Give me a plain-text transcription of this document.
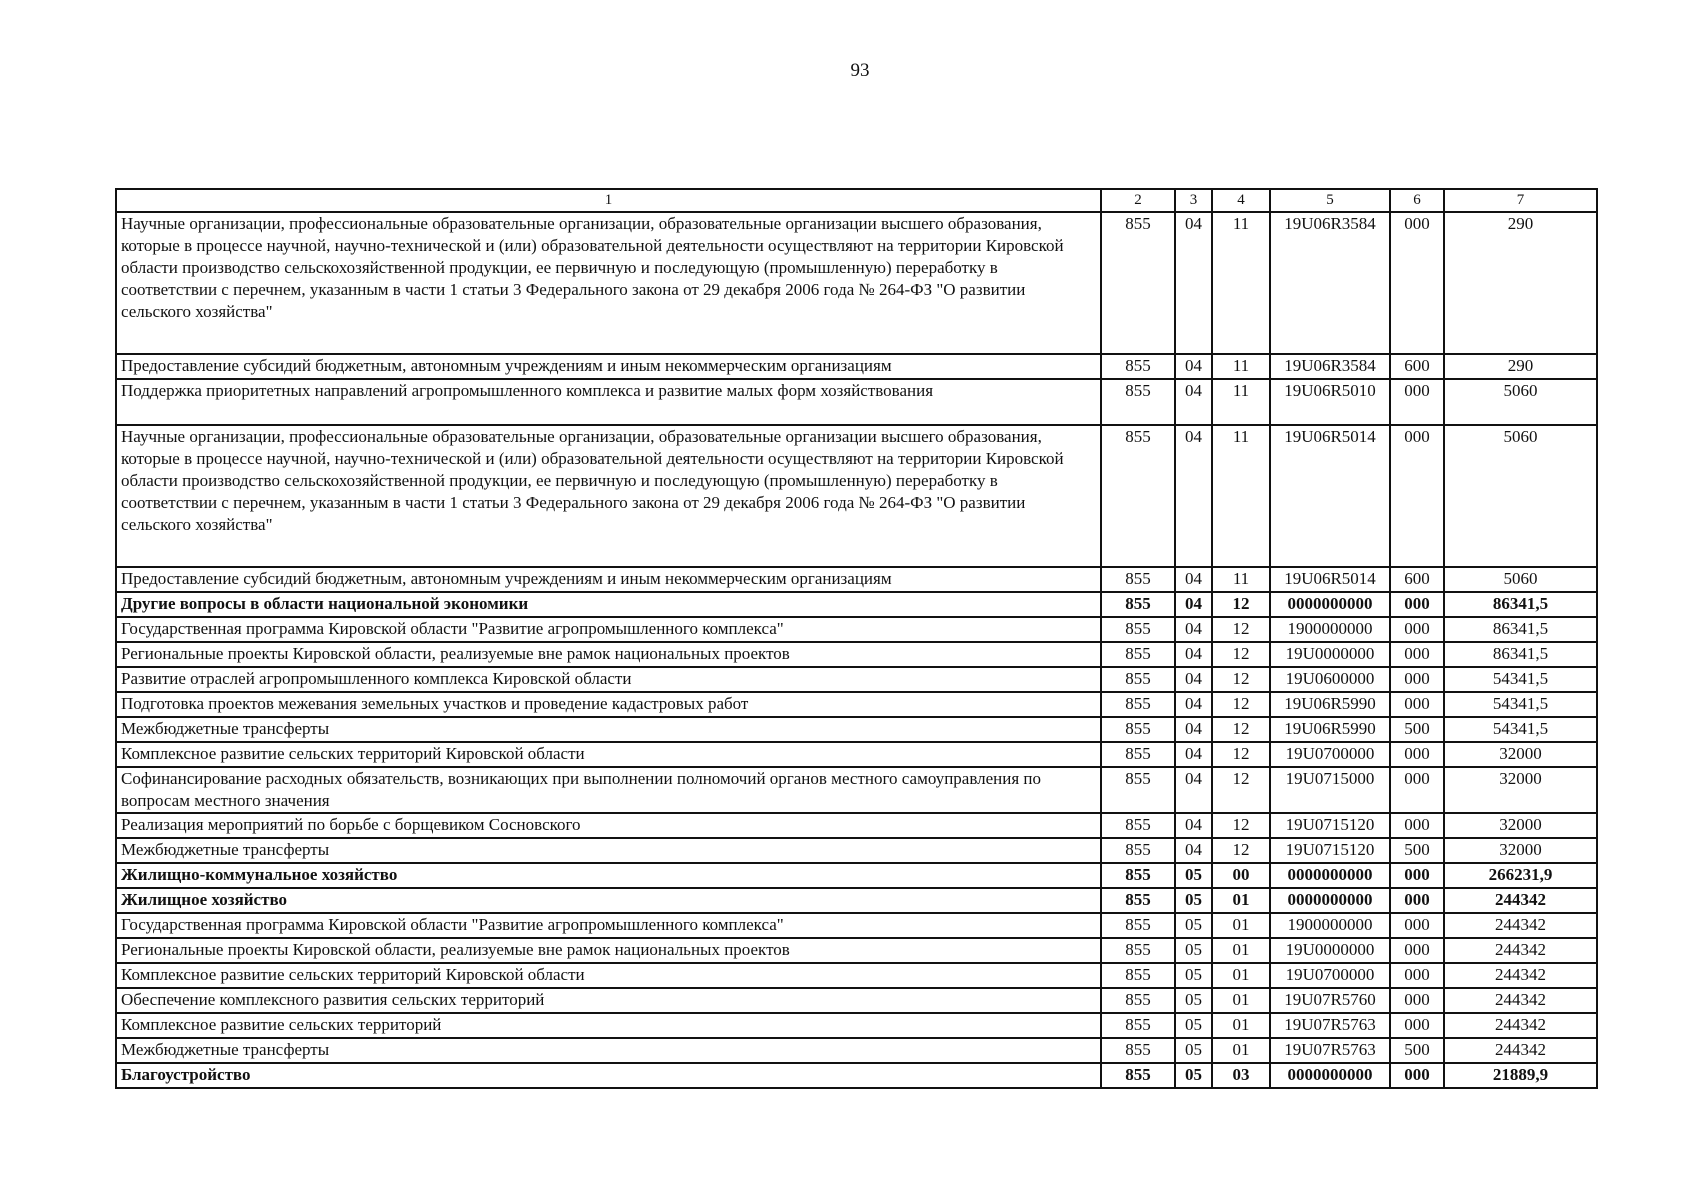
93
1	2	3	4	5	6	7
Научные организации, профессиональные образовательные организации, образовательные организации высшего образования, которые в процессе научной, научно-технической и (или) образовательной деятельности осуществляют на территории Кировской области производство сельскохозяйственной продукции, ее первичную и последующую (промышленную) переработку в соответствии с перечнем, указанным в части 1 статьи 3 Федерального закона от 29 декабря 2006 года № 264-ФЗ "О развитии сельского хозяйства"	855	04	11	19U06R3584	000	290
Предоставление субсидий бюджетным, автономным учреждениям и иным некоммерческим организациям	855	04	11	19U06R3584	600	290
Поддержка приоритетных направлений агропромышленного комплекса и развитие малых форм хозяйствования	855	04	11	19U06R5010	000	5060
Научные организации, профессиональные образовательные организации, образовательные организации высшего образования, которые в процессе научной, научно-технической и (или) образовательной деятельности осуществляют на территории Кировской области производство сельскохозяйственной продукции, ее первичную и последующую (промышленную) переработку в соответствии с перечнем, указанным в части 1 статьи 3 Федерального закона от 29 декабря 2006 года № 264-ФЗ "О развитии сельского хозяйства"	855	04	11	19U06R5014	000	5060
Предоставление субсидий бюджетным, автономным учреждениям и иным некоммерческим организациям	855	04	11	19U06R5014	600	5060
Другие вопросы в области национальной экономики	855	04	12	0000000000	000	86341,5
Государственная программа Кировской области "Развитие агропромышленного комплекса"	855	04	12	1900000000	000	86341,5
Региональные проекты Кировской области, реализуемые вне рамок национальных проектов	855	04	12	19U0000000	000	86341,5
Развитие отраслей агропромышленного комплекса Кировской области	855	04	12	19U0600000	000	54341,5
Подготовка проектов межевания земельных участков и проведение кадастровых работ	855	04	12	19U06R5990	000	54341,5
Межбюджетные трансферты	855	04	12	19U06R5990	500	54341,5
Комплексное развитие сельских территорий Кировской области	855	04	12	19U0700000	000	32000
Софинансирование расходных обязательств, возникающих при выполнении полномочий органов местного самоуправления по вопросам местного значения	855	04	12	19U0715000	000	32000
Реализация мероприятий по борьбе с борщевиком Сосновского	855	04	12	19U0715120	000	32000
Межбюджетные трансферты	855	04	12	19U0715120	500	32000
Жилищно-коммунальное хозяйство	855	05	00	0000000000	000	266231,9
Жилищное хозяйство	855	05	01	0000000000	000	244342
Государственная программа Кировской области "Развитие агропромышленного комплекса"	855	05	01	1900000000	000	244342
Региональные проекты Кировской области, реализуемые вне рамок национальных проектов	855	05	01	19U0000000	000	244342
Комплексное развитие сельских территорий Кировской области	855	05	01	19U0700000	000	244342
Обеспечение комплексного развития сельских территорий	855	05	01	19U07R5760	000	244342
Комплексное развитие сельских территорий	855	05	01	19U07R5763	000	244342
Межбюджетные трансферты	855	05	01	19U07R5763	500	244342
Благоустройство	855	05	03	0000000000	000	21889,9
